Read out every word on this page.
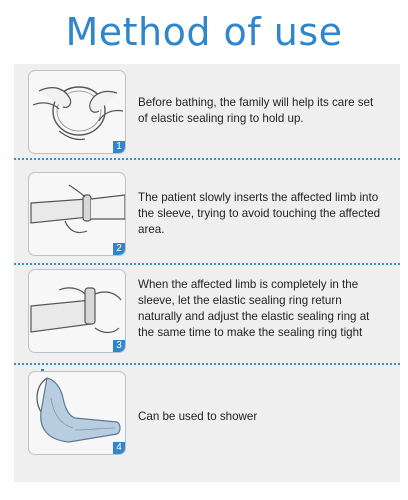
Method of use
1
Before bathing, the family will help its care set of elastic sealing ring to hold up.
2
The patient slowly inserts the affected limb into the sleeve, trying to avoid touching the affected area.
3
When the affected limb is completely in the sleeve, let the elastic sealing ring return naturally and adjust the elastic sealing ring at the same time to make the sealing ring tight
4
Can be used to shower
